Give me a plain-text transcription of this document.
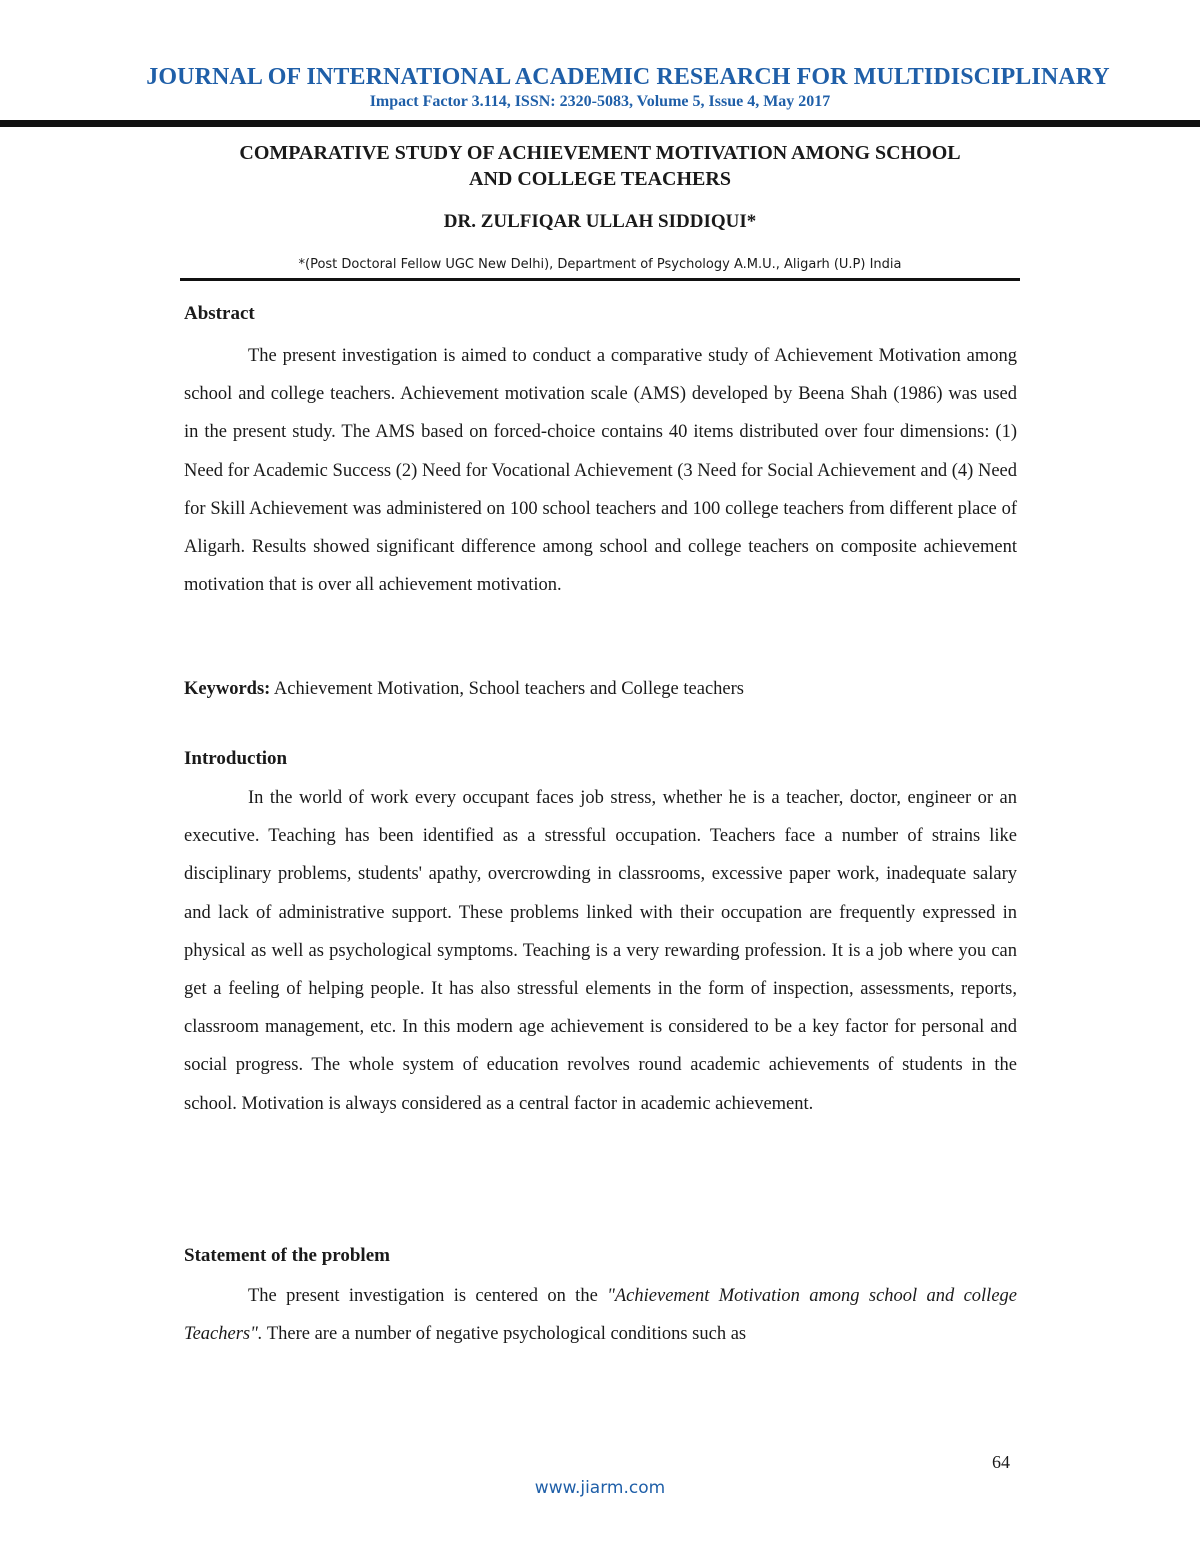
JOURNAL OF INTERNATIONAL ACADEMIC RESEARCH FOR MULTIDISCIPLINARY

Impact Factor 3.114, ISSN: 2320-5083, Volume 5, Issue 4, May 2017

COMPARATIVE STUDY OF ACHIEVEMENT MOTIVATION AMONG SCHOOL
AND COLLEGE TEACHERS

DR. ZULFIQAR ULLAH SIDDIQUI*

*(Post Doctoral Fellow UGC New Delhi), Department of Psychology A.M.U., Aligarh (U.P) India

Abstract

The present investigation is aimed to conduct a comparative study of Achievement Motivation among school and college teachers. Achievement motivation scale (AMS) developed by Beena Shah (1986) was used in the present study. The AMS based on forced-choice contains 40 items distributed over four dimensions: (1) Need for Academic Success (2) Need for Vocational Achievement (3 Need for Social Achievement and (4) Need for Skill Achievement was administered on 100 school teachers and 100 college teachers from different place of Aligarh. Results showed significant difference among school and college teachers on composite achievement motivation that is over all achievement motivation.

Keywords: Achievement Motivation, School teachers and College teachers

Introduction

In the world of work every occupant faces job stress, whether he is a teacher, doctor, engineer or an executive. Teaching has been identified as a stressful occupation. Teachers face a number of strains like disciplinary problems, students' apathy, overcrowding in classrooms, excessive paper work, inadequate salary and lack of administrative support. These problems linked with their occupation are frequently expressed in physical as well as psychological symptoms. Teaching is a very rewarding profession. It is a job where you can get a feeling of helping people. It has also stressful elements in the form of inspection, assessments, reports, classroom management, etc. In this modern age achievement is considered to be a key factor for personal and social progress. The whole system of education revolves round academic achievements of students in the school. Motivation is always considered as a central factor in academic achievement.

Statement of the problem

The present investigation is centered on the "Achievement Motivation among school and college Teachers". There are a number of negative psychological conditions such as

64

www.jiarm.com
